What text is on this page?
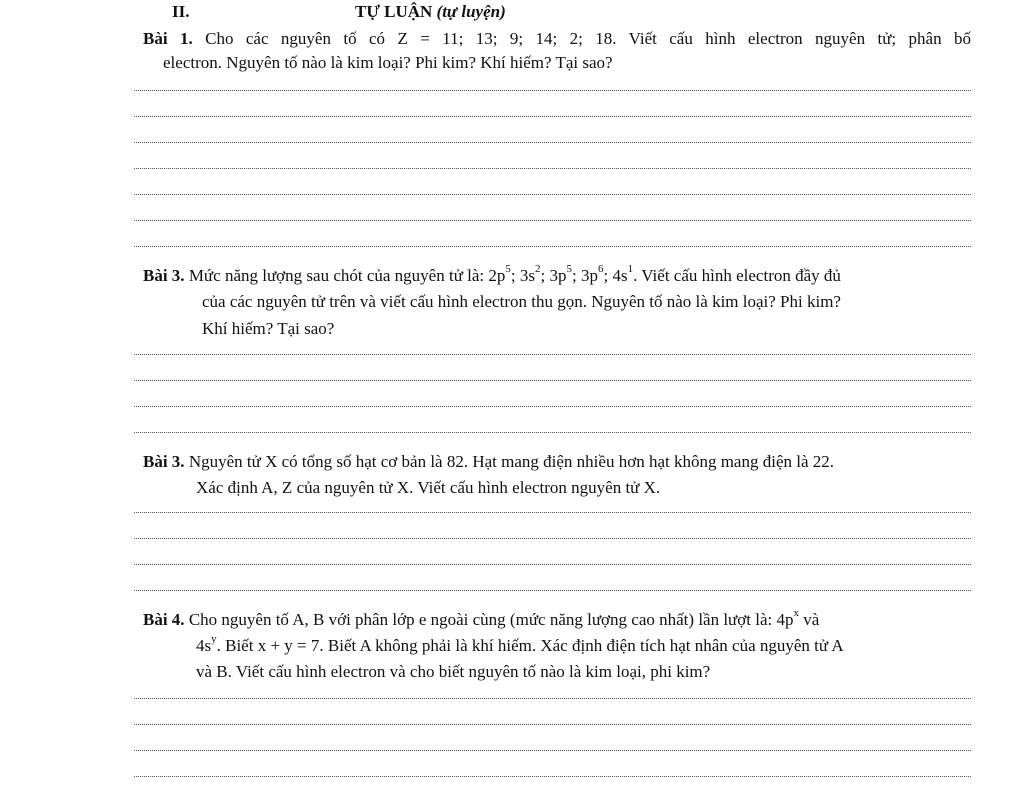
II.	TỰ LUẬN (tự luyện)
Bài 1. Cho các nguyên tố có Z = 11; 13; 9; 14; 2; 18. Viết cấu hình electron nguyên tử; phân bố
electron. Nguyên tố nào là kim loại? Phi kim? Khí hiếm? Tại sao?
Bài 3. Mức năng lượng sau chót của nguyên tử là: $2p^5$; $3s^2$; $3p^5$; $3p^6$; $4s^1$. Viết cấu hình electron đầy đủ
của các nguyên tử trên và viết cấu hình electron thu gọn. Nguyên tố nào là kim loại? Phi kim?
Khí hiếm? Tại sao?
Bài 3. Nguyên tử X có tổng số hạt cơ bản là 82. Hạt mang điện nhiều hơn hạt không mang điện là 22.
Xác định A, Z của nguyên tử X. Viết cấu hình electron nguyên tử X.
Bài 4. Cho nguyên tố A, B với phân lớp e ngoài cùng (mức năng lượng cao nhất) lần lượt là: $4p^x$ và
$4s^y$. Biết x + y = 7. Biết A không phải là khí hiếm. Xác định điện tích hạt nhân của nguyên tử A
và B. Viết cấu hình electron và cho biết nguyên tố nào là kim loại, phi kim?
